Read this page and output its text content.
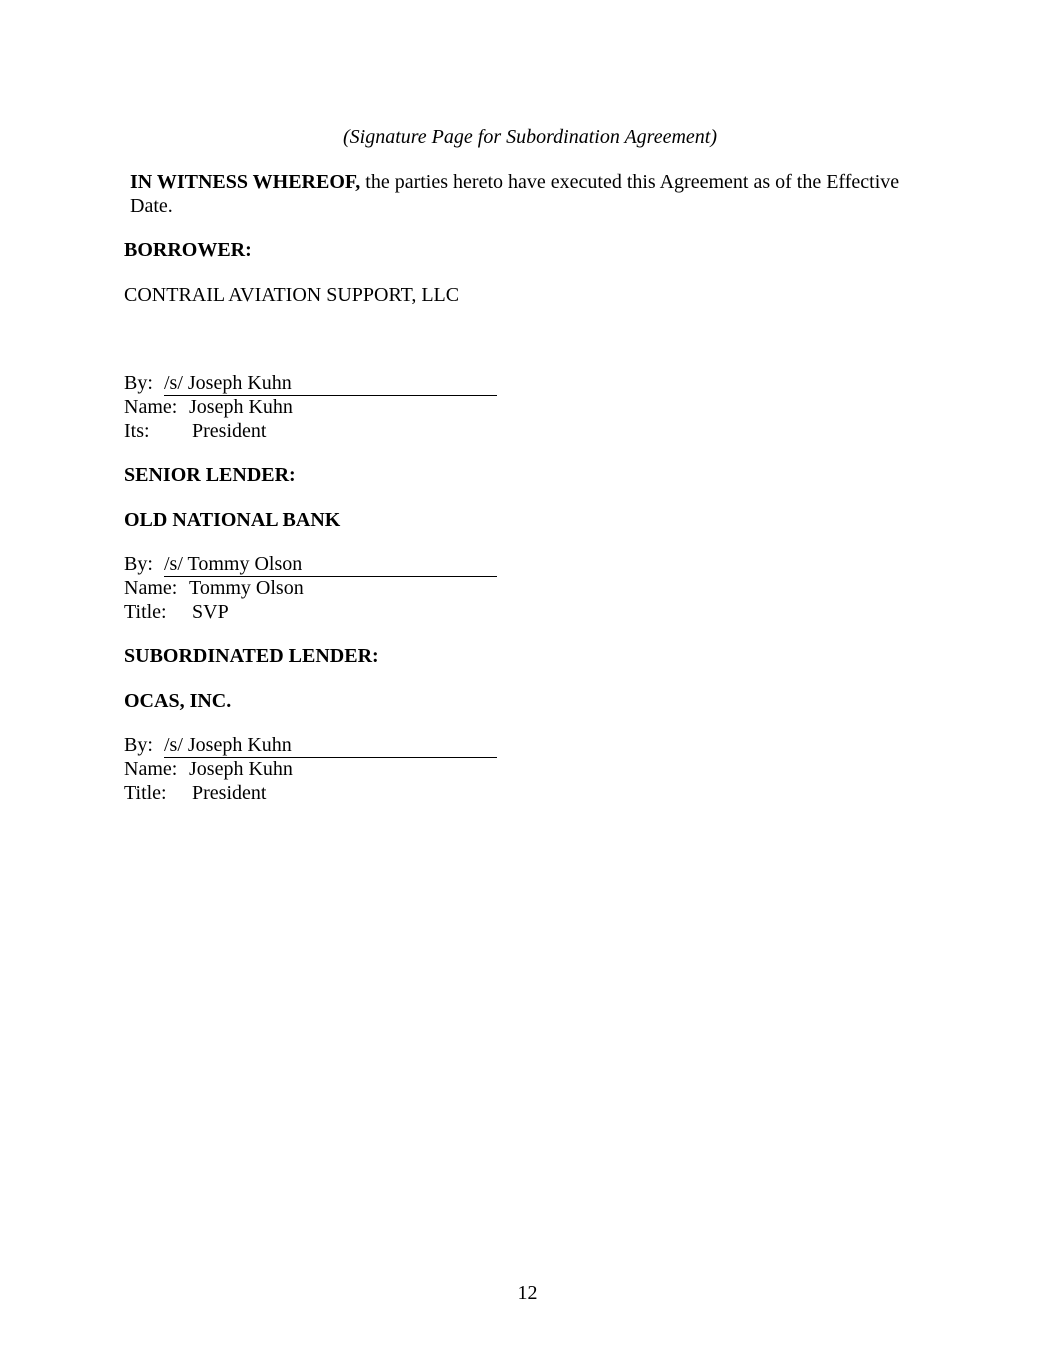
(Signature Page for Subordination Agreement)
IN WITNESS WHEREOF, the parties hereto have executed this Agreement as of the Effective
Date.
BORROWER:
CONTRAIL AVIATION SUPPORT, LLC
By: /s/ Joseph Kuhn
Name: Joseph Kuhn
Its: President
SENIOR LENDER:
OLD NATIONAL BANK
By: /s/ Tommy Olson
Name: Tommy Olson
Title: SVP
SUBORDINATED LENDER:
OCAS, INC.
By: /s/ Joseph Kuhn
Name: Joseph Kuhn
Title: President
12
